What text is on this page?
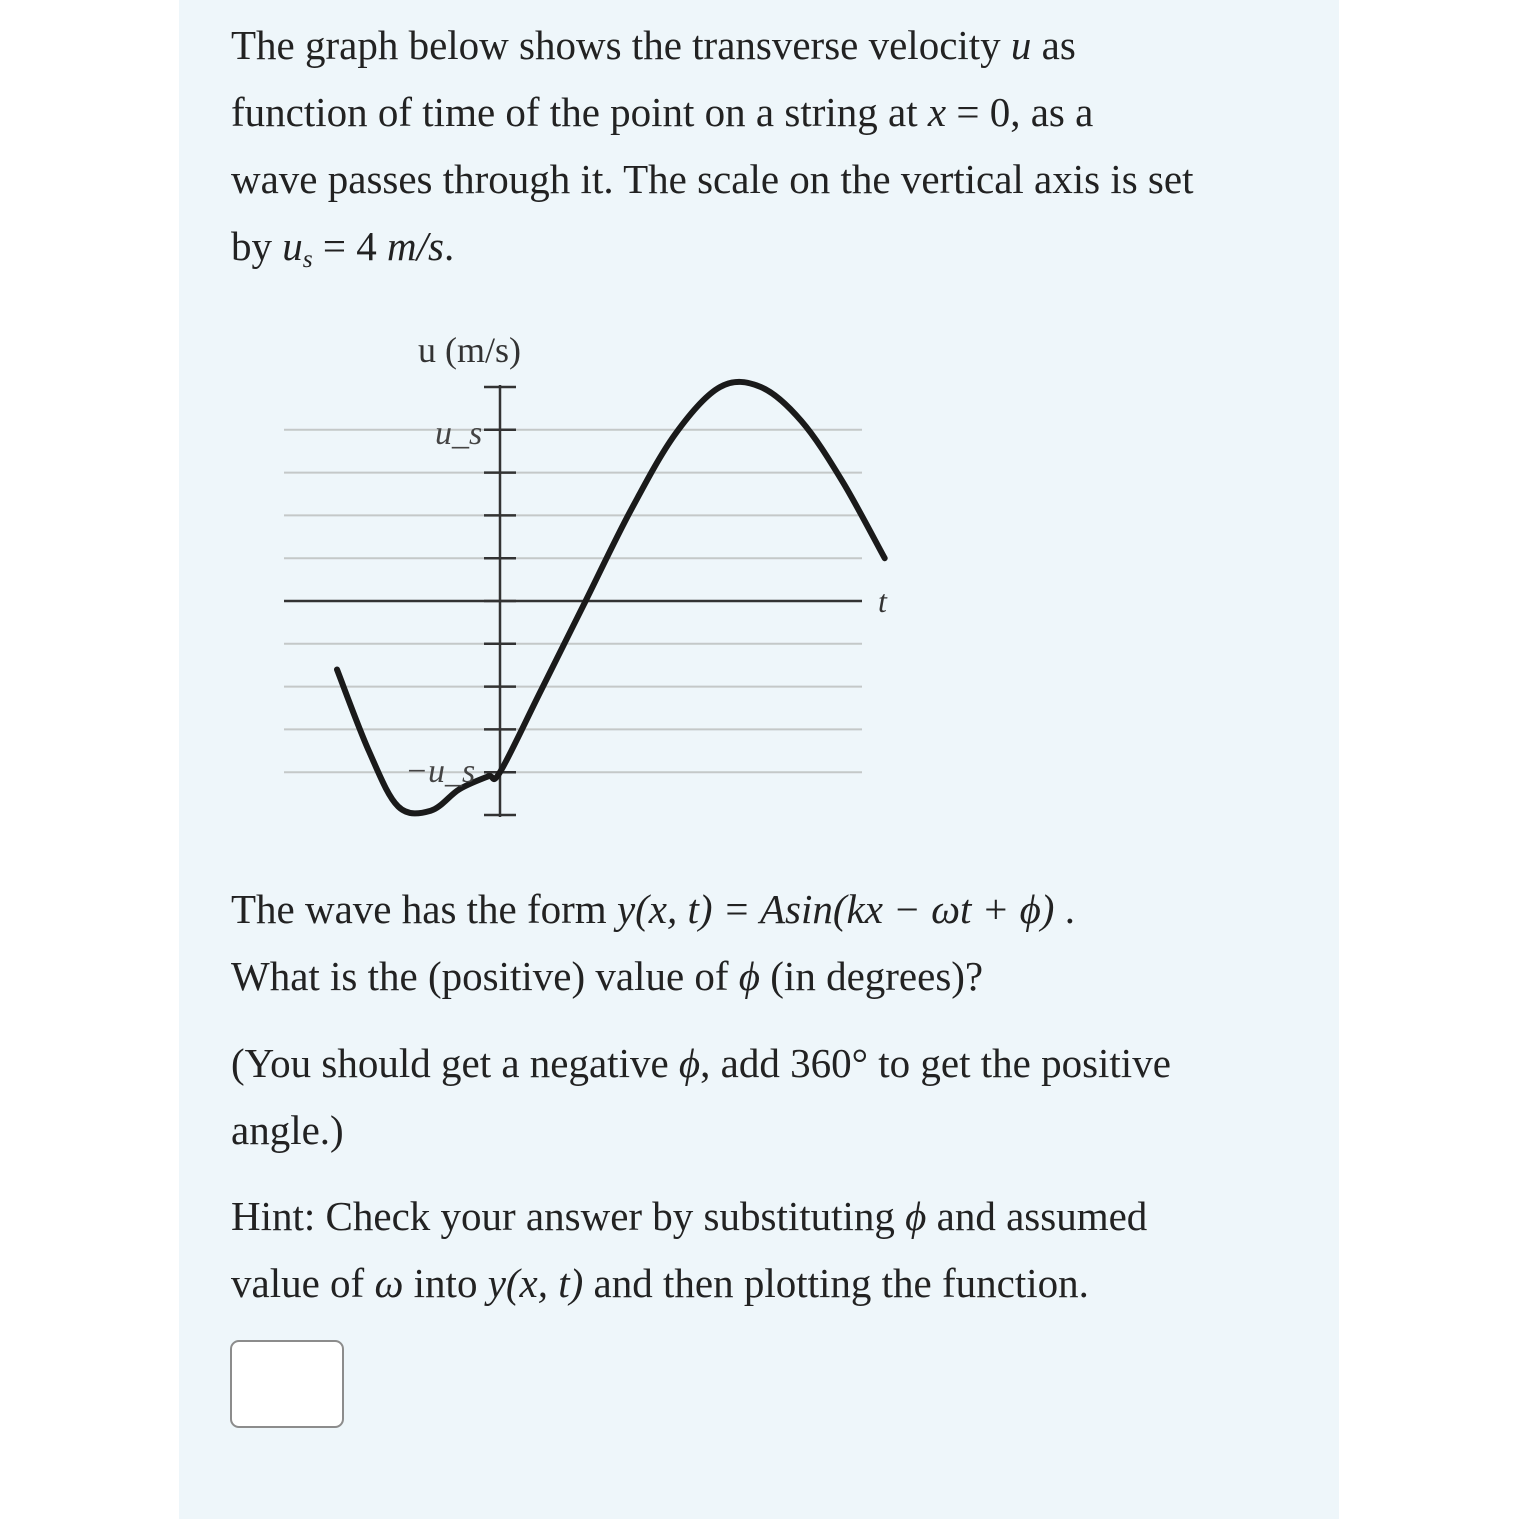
The graph below shows the transverse velocity u as
function of time of the point on a string at x = 0, as a
wave passes through it. The scale on the vertical axis is set
by $u_s = 4$ m/s.

u (m/s)
t
u_s
−u_s

The wave has the form y(x, t) = Asin(kx − ωt + ϕ) .
What is the (positive) value of ϕ (in degrees)?

(You should get a negative ϕ, add 360° to get the positive
angle.)

Hint: Check your answer by substituting ϕ and assumed
value of ω into y(x, t) and then plotting the function.
